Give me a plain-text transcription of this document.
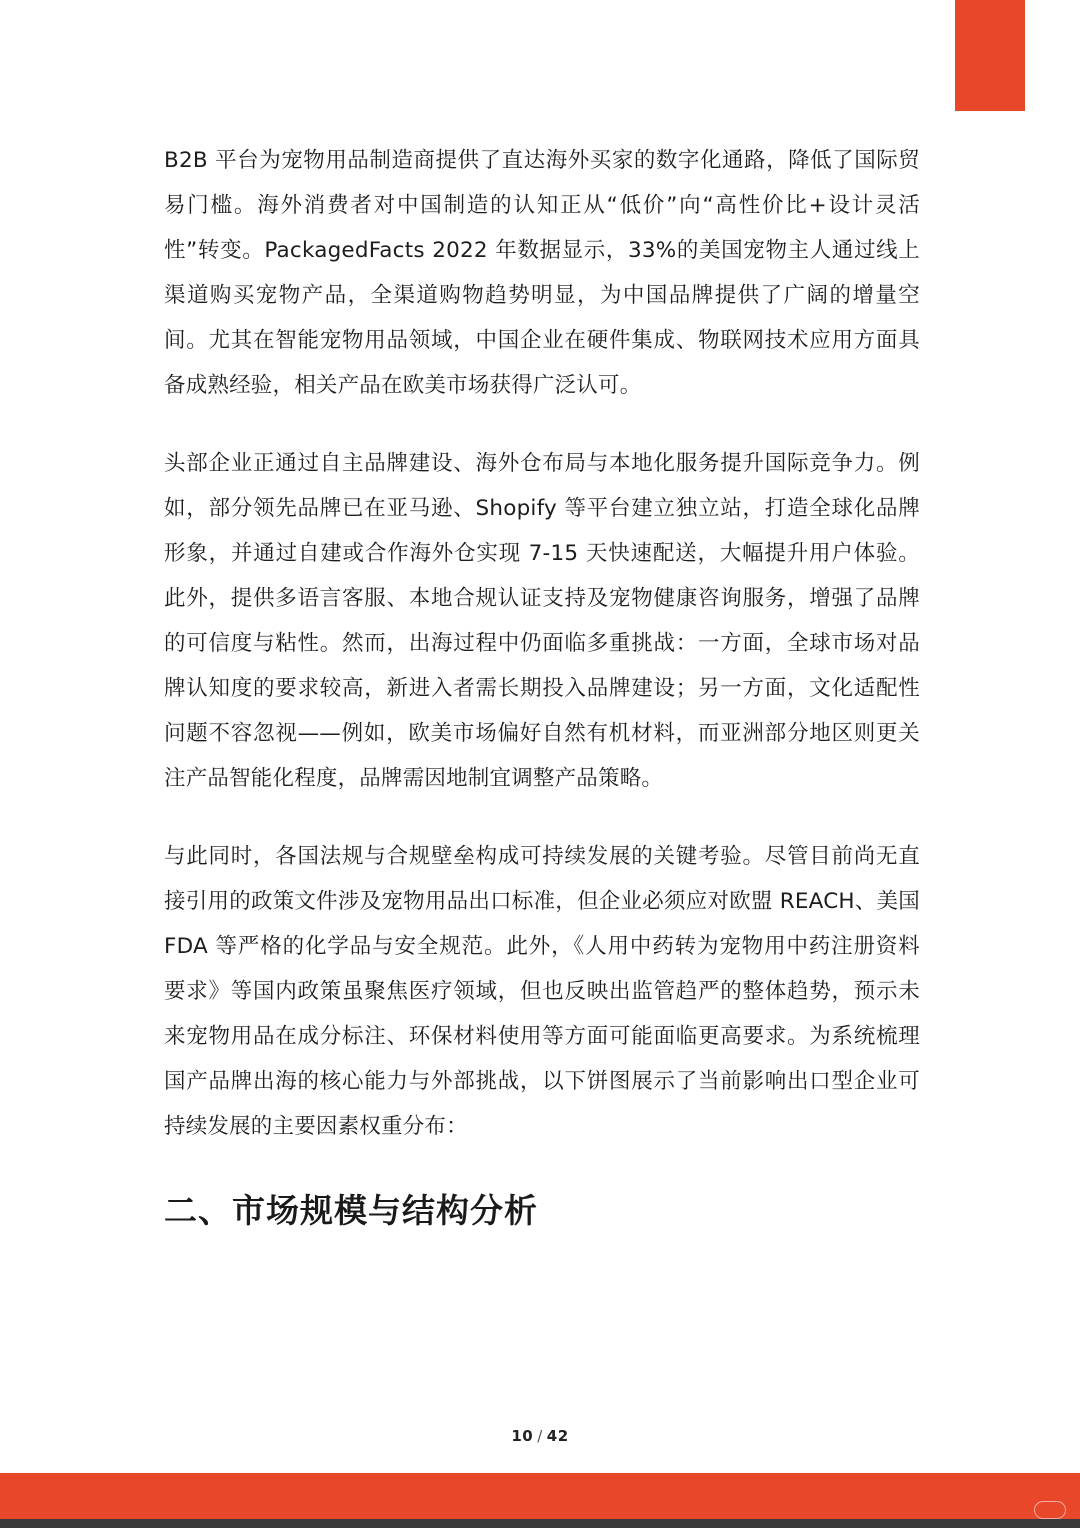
B2B 平台为宠物用品制造商提供了直达海外买家的数字化通路，降低了国际贸易门槛。海外消费者对中国制造的认知正从“低价”向“高性价比+设计灵活性”转变。PackagedFacts 2022 年数据显示，33%的美国宠物主人通过线上渠道购买宠物产品，全渠道购物趋势明显，为中国品牌提供了广阔的增量空间。尤其在智能宠物用品领域，中国企业在硬件集成、物联网技术应用方面具备成熟经验，相关产品在欧美市场获得广泛认可。

头部企业正通过自主品牌建设、海外仓布局与本地化服务提升国际竞争力。例如，部分领先品牌已在亚马逊、Shopify 等平台建立独立站，打造全球化品牌形象，并通过自建或合作海外仓实现 7-15 天快速配送，大幅提升用户体验。此外，提供多语言客服、本地合规认证支持及宠物健康咨询服务，增强了品牌的可信度与粘性。然而，出海过程中仍面临多重挑战：一方面，全球市场对品牌认知度的要求较高，新进入者需长期投入品牌建设；另一方面，文化适配性问题不容忽视——例如，欧美市场偏好自然有机材料，而亚洲部分地区则更关注产品智能化程度，品牌需因地制宜调整产品策略。

与此同时，各国法规与合规壁垒构成可持续发展的关键考验。尽管目前尚无直接引用的政策文件涉及宠物用品出口标准，但企业必须应对欧盟 REACH、美国 FDA 等严格的化学品与安全规范。此外，《人用中药转为宠物用中药注册资料要求》等国内政策虽聚焦医疗领域，但也反映出监管趋严的整体趋势，预示未来宠物用品在成分标注、环保材料使用等方面可能面临更高要求。为系统梳理国产品牌出海的核心能力与外部挑战，以下饼图展示了当前影响出口型企业可持续发展的主要因素权重分布：

二、市场规模与结构分析
10 / 42
